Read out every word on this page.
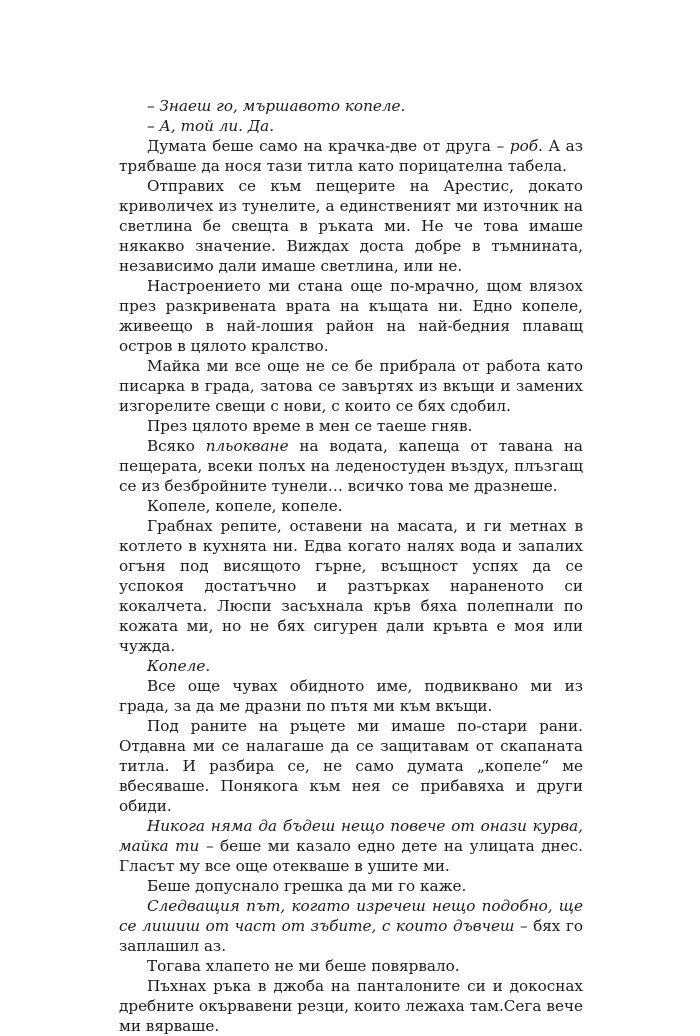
– Знаеш го, мършавото копеле.

– А, той ли. Да.

Думата беше само на крачка-две от друга – роб. А аз трябваше да нося тази титла като порицателна табела.

Отправих се към пещерите на Арестис, докато криволичех из тунелите, а единственият ми източник на светлина бе свещта в ръката ми. Не че това имаше някакво значение. Виждах доста добре в тъмнината, независимо дали имаше светлина, или не.

Настроението ми стана още по-мрачно, щом влязох през разкривената врата на къщата ни. Едно копеле, живеещо в най-лошия район на най-бедния плаващ остров в цялото кралство.

Майка ми все още не се бе прибрала от работа като писарка в града, затова се завъртях из вкъщи и замених изгорелите свещи с нови, с които се бях сдобил.

През цялото време в мен се таеше гняв.

Всяко пльокване на водата, капеща от тавана на пещерата, всеки полъх на леденостуден въздух, плъзгащ се из безбройните тунели… всичко това ме дразнеше.

Копеле, копеле, копеле.

Грабнах репите, оставени на масата, и ги метнах в котлето в кухнята ни. Едва когато налях вода и запалих огъня под висящото гърне, всъщност успях да се успокоя достатъчно и разтърках нараненото си кокалчета. Люспи засъхнала кръв бяха полепнали по кожата ми, но не бях сигурен дали кръвта е моя или чужда.

Копеле.

Все още чувах обидното име, подвиквано ми из града, за да ме дразни по пътя ми към вкъщи.

Под раните на ръцете ми имаше по-стари рани. Отдавна ми се налагаше да се защитавам от скапаната титла. И разбира се, не само думата „копеле“ ме вбесяваше. Понякога към нея се прибавяха и други обиди.

Никога няма да бъдеш нещо повече от онази курва, майка ти – беше ми казало едно дете на улицата днес. Гласът му все още отекваше в ушите ми.

Беше допуснало грешка да ми го каже.

Следващия път, когато изречеш нещо подобно, ще се лишиш от част от зъбите, с които дъвчеш – бях го заплашил аз.

Тогава хлапето не ми беше повярвало.

Пъхнах ръка в джоба на панталоните си и докоснах дребните окървавени резци, които лежаха там.Сега вече ми вярваше.
